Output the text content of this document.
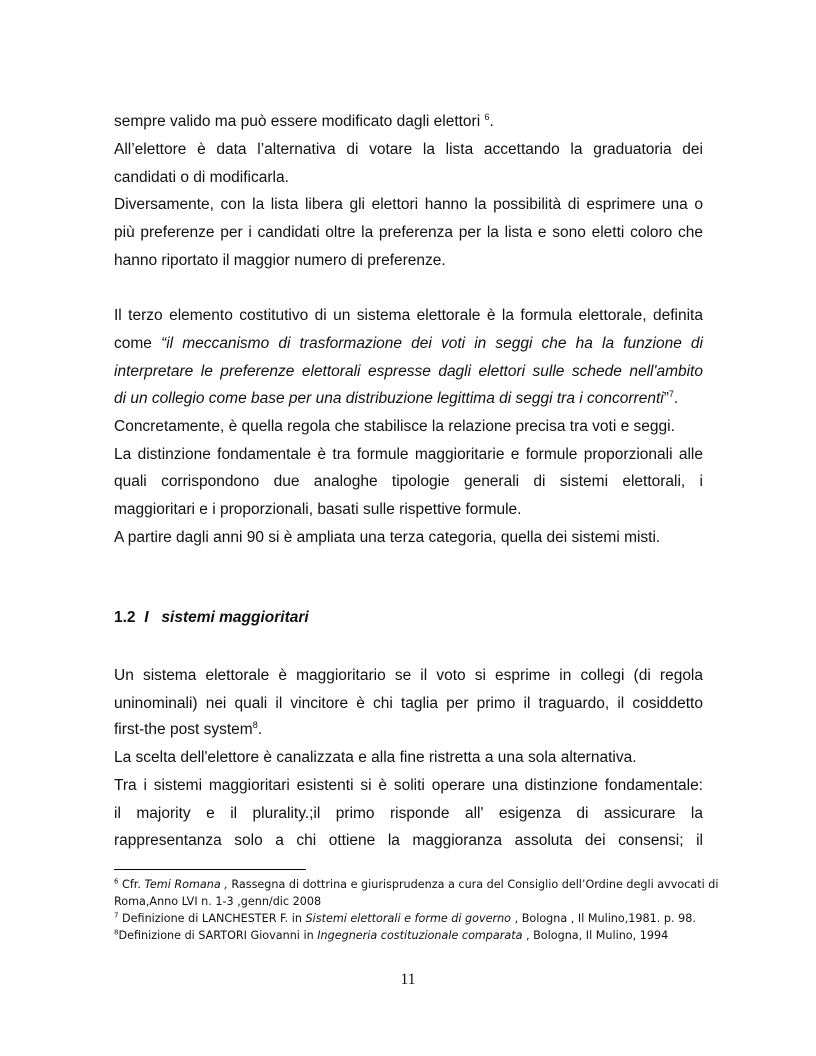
sempre valido ma può essere modificato dagli elettori $^6$.
All’elettore è data l’alternativa di votare la lista accettando la graduatoria dei
candidati o di modificarla.
Diversamente, con la lista libera gli elettori hanno la possibilità di esprimere una o
più preferenze per i candidati oltre la preferenza per la lista e sono eletti coloro che
hanno riportato il maggior numero di preferenze.
Il terzo elemento costitutivo di un sistema elettorale è la formula elettorale, definita
come “il meccanismo di trasformazione dei voti in seggi che ha la funzione di
interpretare le preferenze elettorali espresse dagli elettori sulle schede nell'ambito
di un collegio come base per una distribuzione legittima di seggi tra i concorrenti”$^7$.
Concretamente, è quella regola che stabilisce la relazione precisa tra voti e seggi.
La distinzione fondamentale è tra formule maggioritarie e formule proporzionali alle
quali corrispondono due analoghe tipologie generali di sistemi elettorali, i
maggioritari e i proporzionali, basati sulle rispettive formule.
A partire dagli anni 90 si è ampliata una terza categoria, quella dei sistemi misti.
1.2 I sistemi maggioritari
Un sistema elettorale è maggioritario se il voto si esprime in collegi (di regola
uninominali) nei quali il vincitore è chi taglia per primo il traguardo, il cosiddetto
first-the post system$^8$.
La scelta dell'elettore è canalizzata e alla fine ristretta a una sola alternativa.
Tra i sistemi maggioritari esistenti si è soliti operare una distinzione fondamentale:
il majority e il plurality.;il primo risponde all' esigenza di assicurare la
rappresentanza solo a chi ottiene la maggioranza assoluta dei consensi; il
$^6$ Cfr. Temi Romana , Rassegna di dottrina e giurisprudenza a cura del Consiglio dell’Ordine degli avvocati di
Roma,Anno LVI n. 1-3 ,genn/dic 2008
$^7$ Definizione di LANCHESTER F. in Sistemi elettorali e forme di governo , Bologna , Il Mulino,1981. p. 98.
$^8$Definizione di SARTORI Giovanni in Ingegneria costituzionale comparata , Bologna, Il Mulino, 1994
11
